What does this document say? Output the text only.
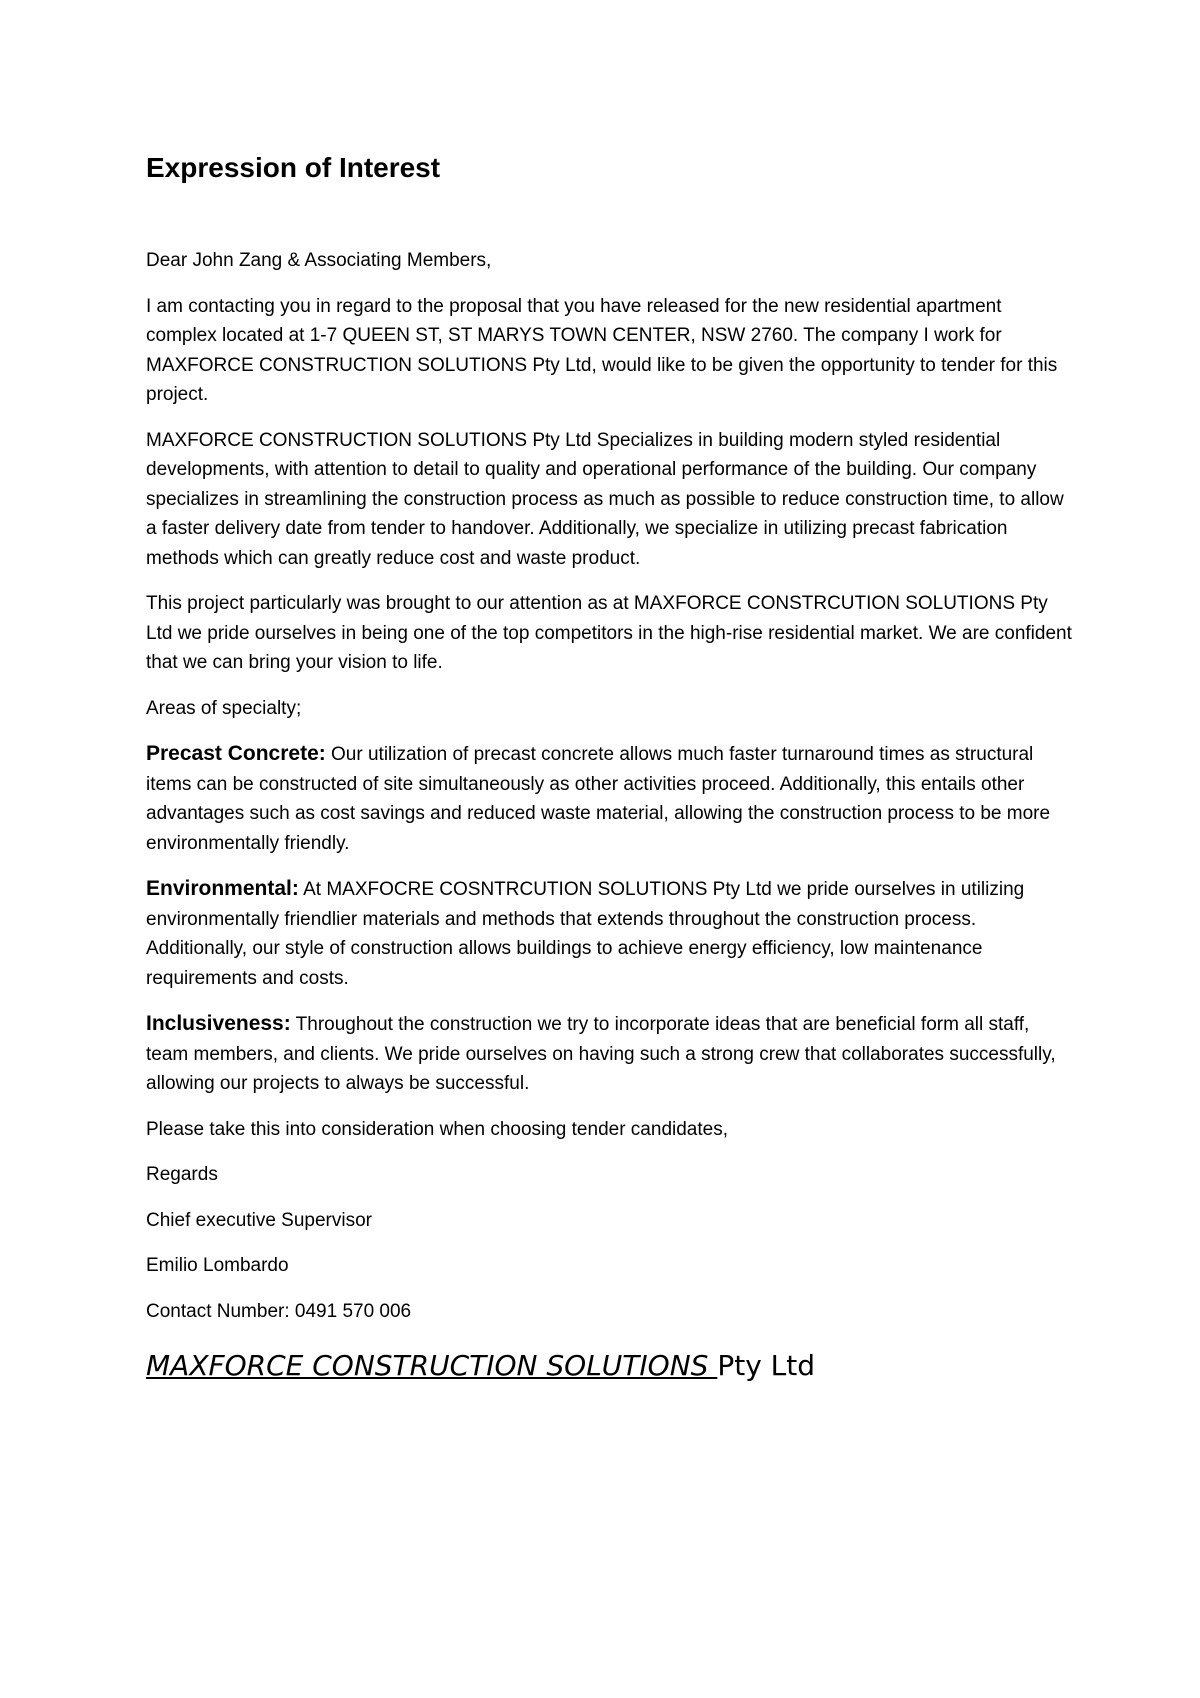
Expression of Interest

Dear John Zang & Associating Members,

I am contacting you in regard to the proposal that you have released for the new residential apartment complex located at 1-7 QUEEN ST, ST MARYS TOWN CENTER, NSW 2760. The company I work for MAXFORCE CONSTRUCTION SOLUTIONS Pty Ltd, would like to be given the opportunity to tender for this project.

MAXFORCE CONSTRUCTION SOLUTIONS Pty Ltd Specializes in building modern styled residential developments, with attention to detail to quality and operational performance of the building. Our company specializes in streamlining the construction process as much as possible to reduce construction time, to allow a faster delivery date from tender to handover. Additionally, we specialize in utilizing precast fabrication methods which can greatly reduce cost and waste product.

This project particularly was brought to our attention as at MAXFORCE CONSTRCUTION SOLUTIONS Pty Ltd we pride ourselves in being one of the top competitors in the high-rise residential market. We are confident that we can bring your vision to life.

Areas of specialty;

Precast Concrete: Our utilization of precast concrete allows much faster turnaround times as structural items can be constructed of site simultaneously as other activities proceed. Additionally, this entails other advantages such as cost savings and reduced waste material, allowing the construction process to be more environmentally friendly.

Environmental: At MAXFOCRE COSNTRCUTION SOLUTIONS Pty Ltd we pride ourselves in utilizing environmentally friendlier materials and methods that extends throughout the construction process. Additionally, our style of construction allows buildings to achieve energy efficiency, low maintenance requirements and costs.

Inclusiveness: Throughout the construction we try to incorporate ideas that are beneficial form all staff, team members, and clients. We pride ourselves on having such a strong crew that collaborates successfully, allowing our projects to always be successful.

Please take this into consideration when choosing tender candidates,

Regards

Chief executive Supervisor

Emilio Lombardo

Contact Number: 0491 570 006

MAXFORCE CONSTRUCTION SOLUTIONS Pty Ltd
